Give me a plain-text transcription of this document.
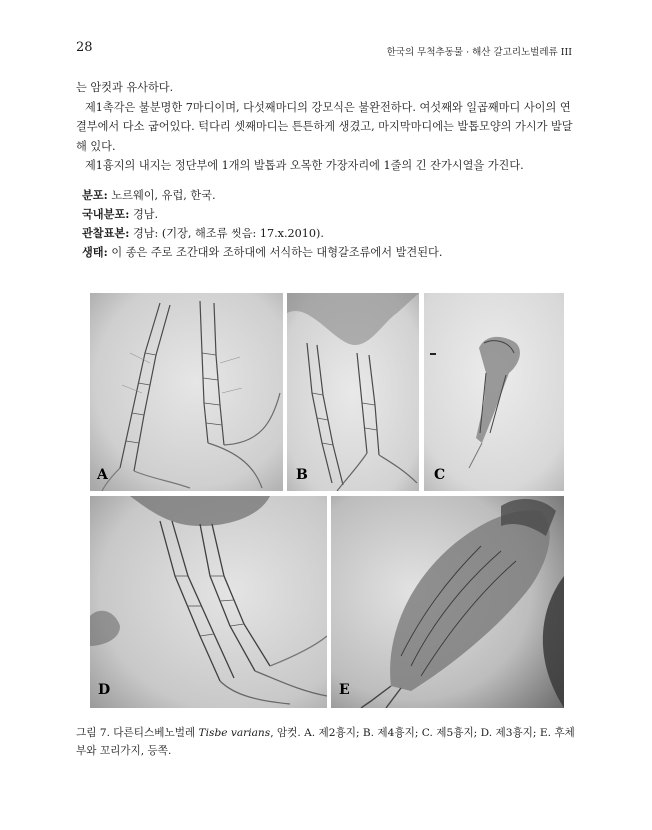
28	한국의 무척추동물 · 해산 갈고리노벌레류 III

는 암컷과 유사하다.

제1촉각은 불분명한 7마디이며, 다섯째마디의 강모식은 불완전하다. 여섯째와 일곱째마디 사이의 연결부에서 다소 굽어있다. 턱다리 셋째마디는 튼튼하게 생겼고, 마지막마디에는 발톱모양의 가시가 발달해 있다.

제1흉지의 내지는 정단부에 1개의 발톱과 오목한 가장자리에 1줄의 긴 잔가시열을 가진다.

분포: 노르웨이, 유럽, 한국.

국내분포: 경남.

관찰표본: 경남: (기장, 해조류 씻음: 17.x.2010).

생태: 이 종은 주로 조간대와 조하대에 서식하는 대형갈조류에서 발견된다.

A	B	C
D	E
그림 7. 다른티스베노벌레 Tisbe varians, 암컷. A. 제2흉지; B. 제4흉지; C. 제5흉지; D. 제3흉지; E. 후체부와 꼬리가지, 등쪽.
